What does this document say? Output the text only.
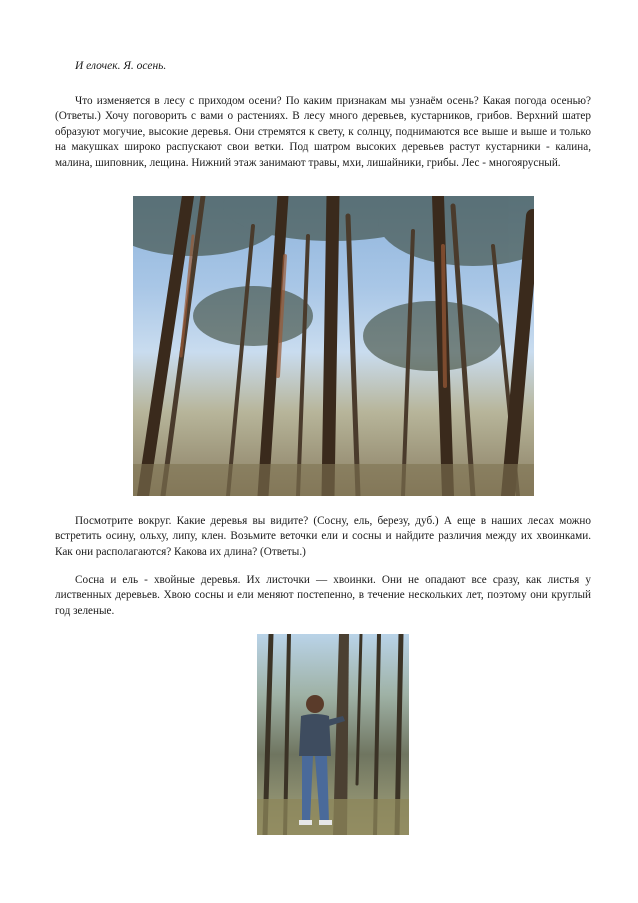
И елочек. Я. осень.

Что изменяется в лесу с приходом осени? По каким признакам мы узнаём осень? Какая погода осенью? (Ответы.) Хочу поговорить с вами о растениях. В лесу много деревьев, кустарников, грибов. Верхний шатер образуют могучие, высокие деревья. Они стремятся к свету, к солнцу, поднимаются все выше и выше и только на макушках широко распускают свои ветки. Под шатром высоких деревьев растут кустарники - калина, малина, шиповник, лещина. Нижний этаж занимают травы, мхи, лишайники, грибы. Лес - многоярусный.

Посмотрите вокруг. Какие деревья вы видите? (Сосну, ель, березу, дуб.) А еще в наших лесах можно встретить осину, ольху, липу, клен. Возьмите веточки ели и сосны и найдите различия между их хвоинками. Как они располагаются? Какова их длина? (Ответы.)

Сосна и ель - хвойные деревья. Их листочки — хвоинки. Они не опадают все сразу, как листья у лиственных деревьев. Хвою сосны и ели меняют постепенно, в течение нескольких лет, поэтому они круглый год зеленые.
